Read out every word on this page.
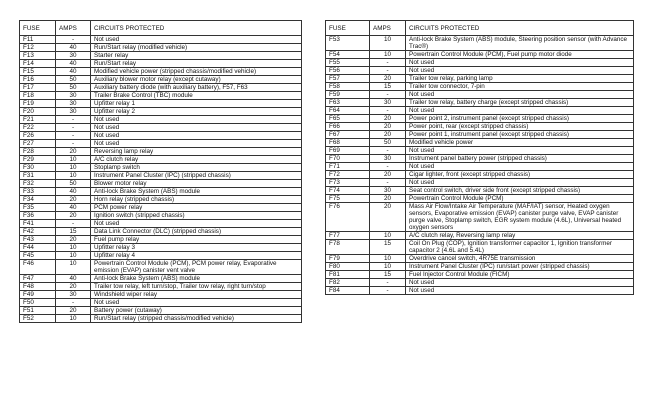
FUSE	AMPS	CIRCUITS PROTECTED
F11	-	Not used
F12	40	Run/Start relay (modified vehicle)
F13	30	Starter relay
F14	40	Run/Start relay
F15	40	Modified vehicle power (stripped chassis/modified vehicle)
F16	50	Auxiliary blower motor relay (except cutaway)
F17	50	Auxiliary battery diode (with auxiliary battery), F57, F63
F18	30	Trailer Brake Control (TBC) module
F19	30	Upfitter relay 1
F20	30	Upfitter relay 2
F21	-	Not used
F22	-	Not used
F26	-	Not used
F27	-	Not used
F28	20	Reversing lamp relay
F29	10	A/C clutch relay
F30	10	Stoplamp switch
F31	10	Instrument Panel Cluster (IPC) (stripped chassis)
F32	50	Blower motor relay
F33	40	Anti-lock Brake System (ABS) module
F34	20	Horn relay (stripped chassis)
F35	40	PCM power relay
F36	20	Ignition switch (stripped chassis)
F41	-	Not used
F42	15	Data Link Connector (DLC) (stripped chassis)
F43	20	Fuel pump relay
F44	10	Upfitter relay 3
F45	10	Upfitter relay 4
F46	10	Powertrain Control Module (PCM), PCM power relay, Evaporative emission (EVAP) canister vent valve
F47	40	Anti-lock Brake System (ABS) module
F48	20	Trailer tow relay, left turn/stop, Trailer tow relay, right turn/stop
F49	30	Windshield wiper relay
F50	-	Not used
F51	20	Battery power (cutaway)
F52	10	Run/Start relay (stripped chassis/modified vehicle)
FUSE	AMPS	CIRCUITS PROTECTED
F53	10	Anti-lock Brake System (ABS) module, Steering position sensor (with Advance Trac®)
F54	10	Powertrain Control Module (PCM), Fuel pump motor diode
F55	-	Not used
F56	-	Not used
F57	20	Trailer tow relay, parking lamp
F58	15	Trailer tow connector, 7-pin
F59	-	Not used
F63	30	Trailer tow relay, battery charge (except stripped chassis)
F64	-	Not used
F65	20	Power point 2, instrument panel (except stripped chassis)
F66	20	Power point, rear (except stripped chassis)
F67	20	Power point 1, instrument panel (except stripped chassis)
F68	50	Modified vehicle power
F69	-	Not used
F70	30	Instrument panel battery power (stripped chassis)
F71	-	Not used
F72	20	Cigar lighter, front (except stripped chassis)
F73	-	Not used
F74	30	Seat control switch, driver side front (except stripped chassis)
F75	20	Powertrain Control Module (PCM)
F76	20	Mass Air Flow/Intake Air Temperature (MAF/IAT) sensor, Heated oxygen sensors, Evaporative emission (EVAP) canister purge valve, EVAP canister purge valve, Stoplamp switch, EGR system module (4.6L), Universal heated oxygen sensors
F77	10	A/C clutch relay, Reversing lamp relay
F78	15	Coil On Plug (COP), Ignition transformer capacitor 1, Ignition transformer capacitor 2 (4.6L and 5.4L)
F79	10	Overdrive cancel switch, 4R75E transmission
F80	10	Instrument Panel Cluster (IPC) run/start power (stripped chassis)
F81	15	Fuel Injector Control Module (FICM)
F82	-	Not used
F84	-	Not used
